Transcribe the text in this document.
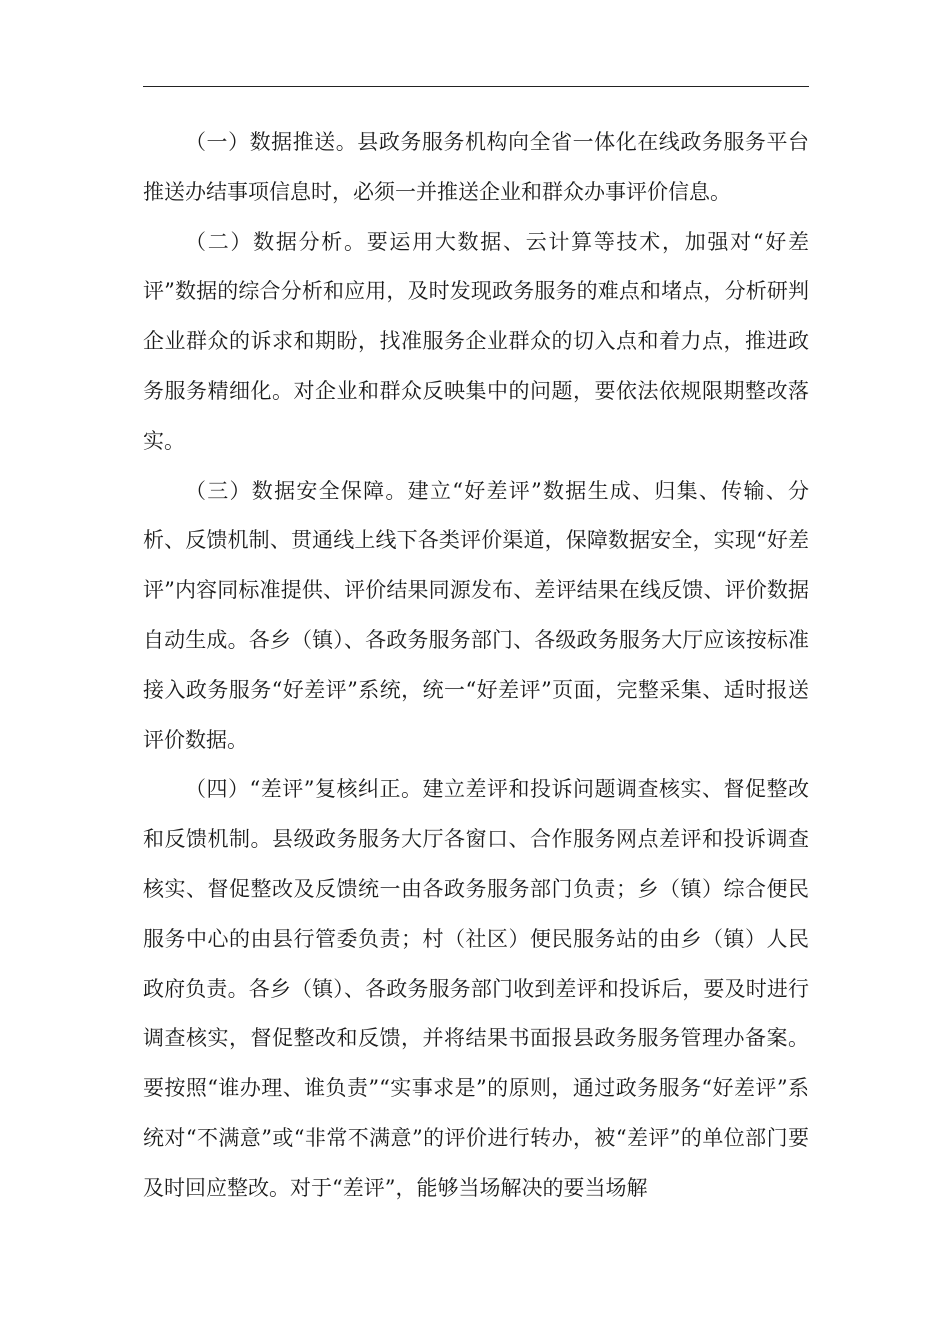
（一）数据推送。县政务服务机构向全省一体化在线政务服务平台推送办结事项信息时，必须一并推送企业和群众办事评价信息。

（二）数据分析。要运用大数据、云计算等技术，加强对“好差评”数据的综合分析和应用，及时发现政务服务的难点和堵点，分析研判企业群众的诉求和期盼，找准服务企业群众的切入点和着力点，推进政务服务精细化。对企业和群众反映集中的问题，要依法依规限期整改落实。

（三）数据安全保障。建立“好差评”数据生成、归集、传输、分析、反馈机制、贯通线上线下各类评价渠道，保障数据安全，实现“好差评”内容同标准提供、评价结果同源发布、差评结果在线反馈、评价数据自动生成。各乡（镇）、各政务服务部门、各级政务服务大厅应该按标准接入政务服务“好差评”系统，统一“好差评”页面，完整采集、适时报送评价数据。

（四）“差评”复核纠正。建立差评和投诉问题调查核实、督促整改和反馈机制。县级政务服务大厅各窗口、合作服务网点差评和投诉调查核实、督促整改及反馈统一由各政务服务部门负责；乡（镇）综合便民服务中心的由县行管委负责；村（社区）便民服务站的由乡（镇）人民政府负责。各乡（镇）、各政务服务部门收到差评和投诉后，要及时进行调查核实，督促整改和反馈，并将结果书面报县政务服务管理办备案。要按照“谁办理、谁负责”“实事求是”的原则，通过政务服务“好差评”系统对“不满意”或“非常不满意”的评价进行转办，被“差评”的单位部门要及时回应整改。对于“差评”，能够当场解决的要当场解
